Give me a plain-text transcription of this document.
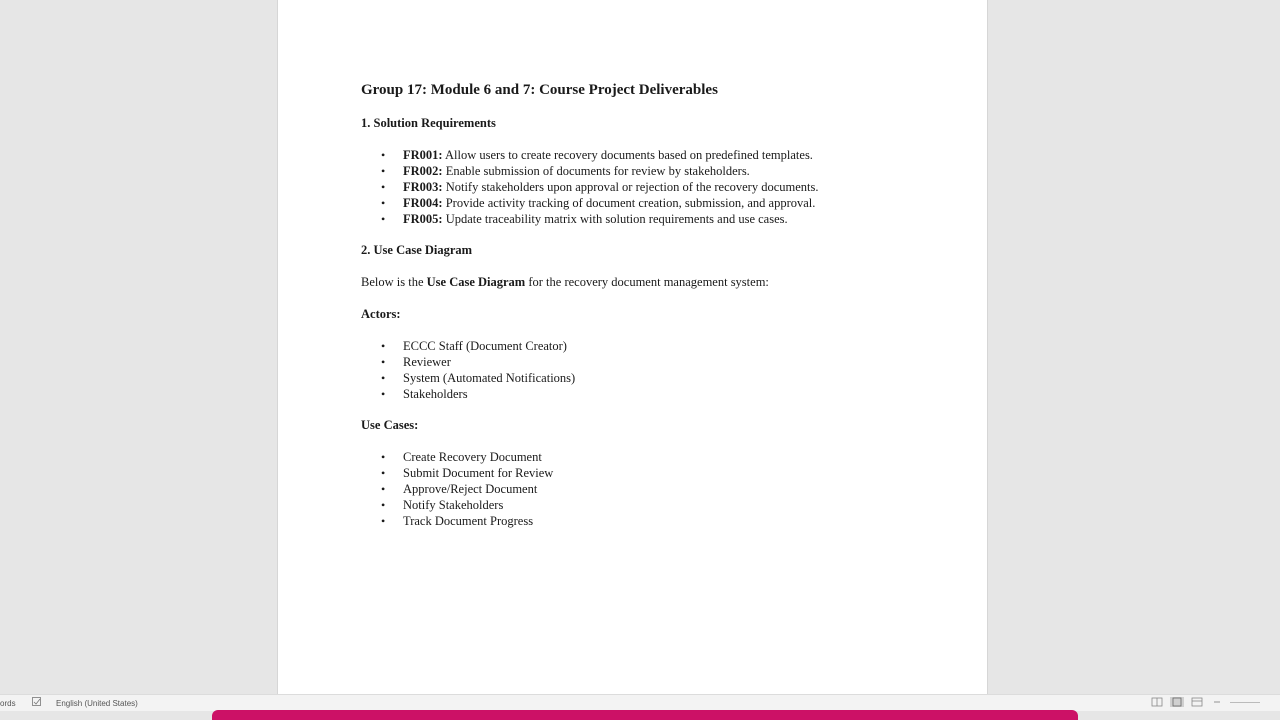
Group 17: Module 6 and 7: Course Project Deliverables
1. Solution Requirements
• FR001: Allow users to create recovery documents based on predefined templates.
• FR002: Enable submission of documents for review by stakeholders.
• FR003: Notify stakeholders upon approval or rejection of the recovery documents.
• FR004: Provide activity tracking of document creation, submission, and approval.
• FR005: Update traceability matrix with solution requirements and use cases.
2. Use Case Diagram

Below is the Use Case Diagram for the recovery document management system:

Actors:
• ECCC Staff (Document Creator)
• Reviewer
• System (Automated Notifications)
• Stakeholders
Use Cases:
• Create Recovery Document
• Submit Document for Review
• Approve/Reject Document
• Notify Stakeholders
• Track Document Progress
ords	English (United States)
